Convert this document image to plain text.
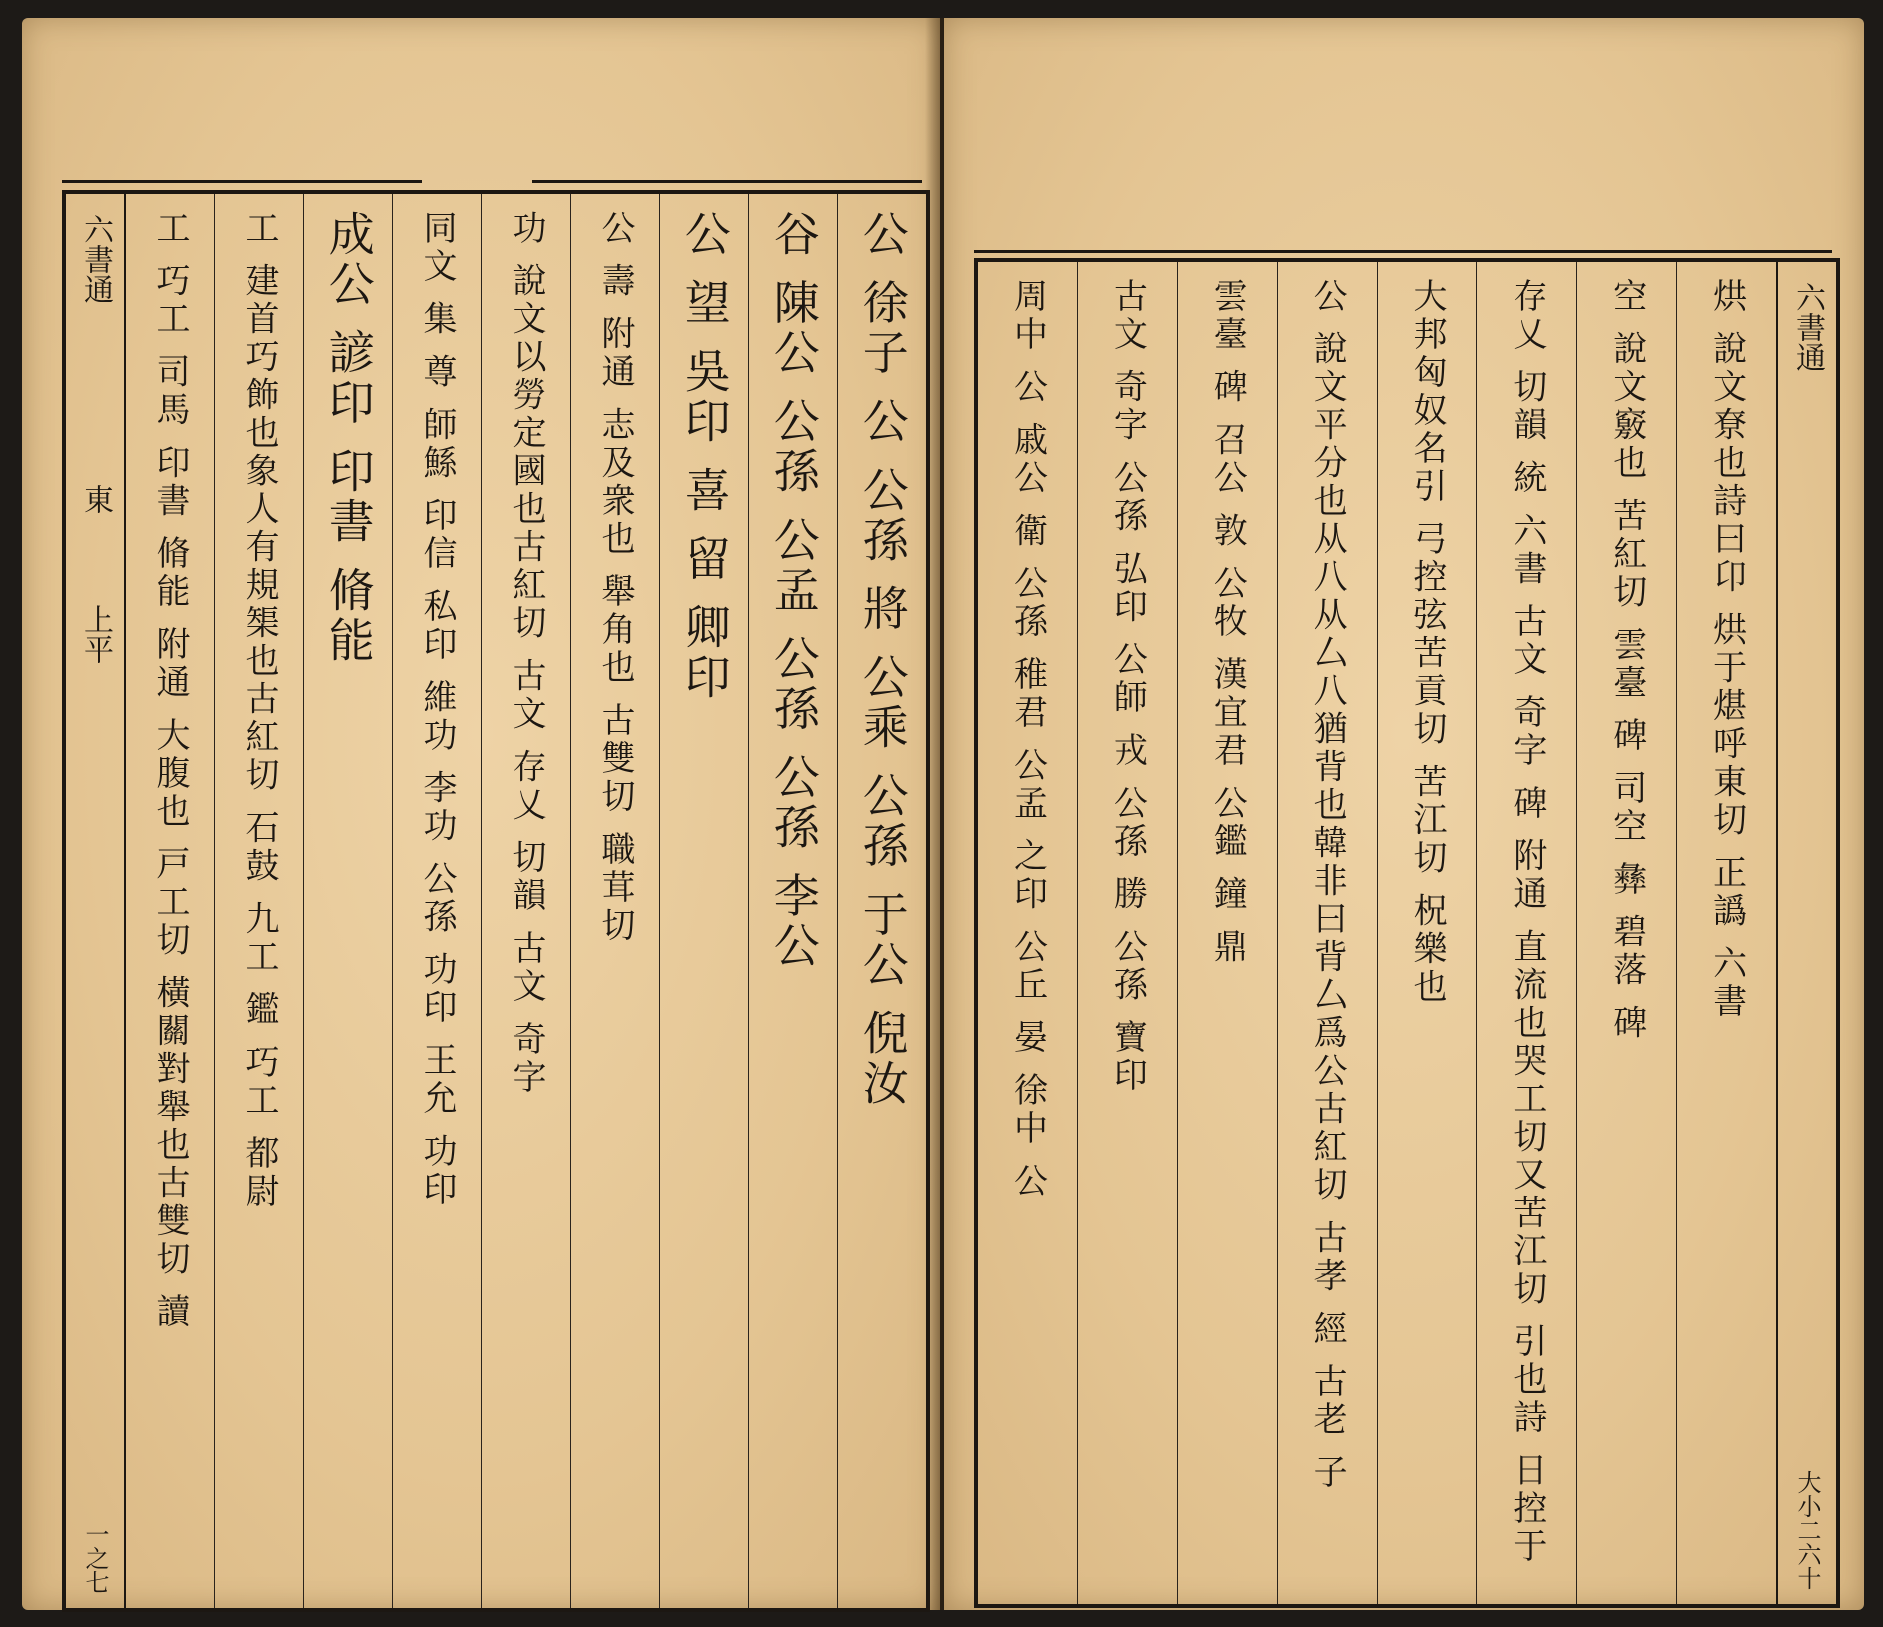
六書通
東
上平
一之七
公 徐子 公 公孫 將 公乘 公孫 于公 倪汝
谷 陳公 公孫 公孟 公孫 公孫 李公
公 望 吳印 喜 留 卿印
公 壽 附通 志及衆也 舉角也 古雙切 職茸切
功 說文以勞定國也古紅切 古文 存乂 切韻 古文 奇字
同文 集 尊 師鯀 印信 私印 維功 李功 公孫 功印 王允 功印
成公 諺印 印書 脩能
工 建首巧飾也象人有規榘也古紅切 石鼓 九工 鑑 巧工 都尉
工 巧工 司馬 印書 脩能 附通 大腹也 戸工切 橫關對舉也古雙切 讀	六書通
大小二六十
烘 說文尞也詩曰卬 烘于煁呼東切 正譌 六書
空 說文竅也 苦紅切 雲臺 碑 司空 彝 碧落 碑
存乂 切韻 統 六書 古文 奇字 碑 附通 直流也哭工切又苦江切 引也詩 日控于
大邦匈奴名引 弓控弦苦貢切 苦江切 柷樂也
公 說文平分也从八从厶八猶背也韓非曰背厶爲公古紅切 古孝 經 古老 子
雲臺 碑 召公 敦 公牧 漢宜君 公鑑 鐘 鼎
古文 奇字 公孫 弘印 公師 戎 公孫 勝 公孫 寶印
周中 公 戚公 衛 公孫 稚君 公孟 之印 公丘 晏 徐中 公
